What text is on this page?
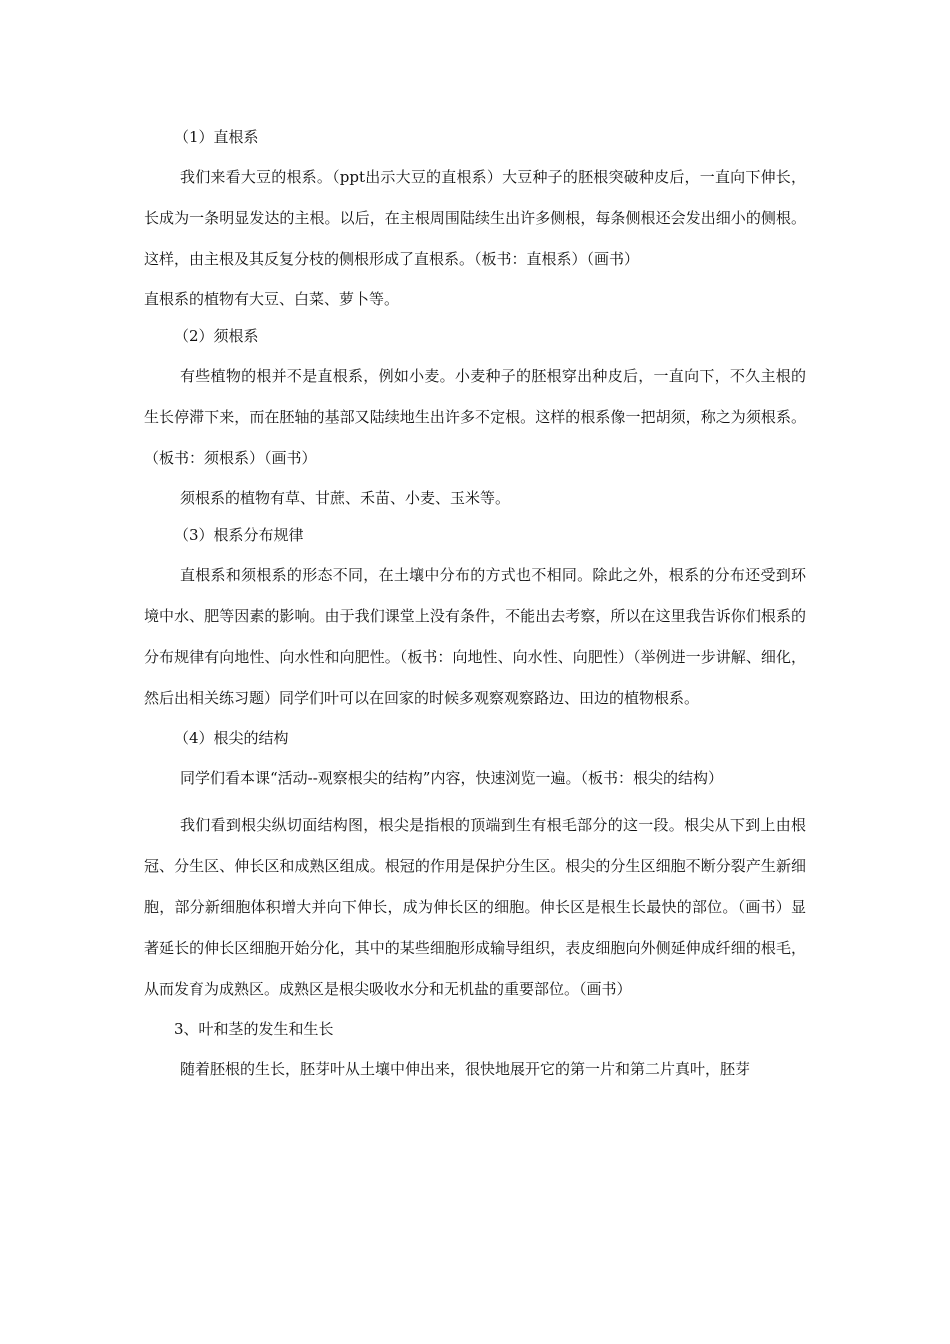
（1）直根系

我们来看大豆的根系。（ppt出示大豆的直根系）大豆种子的胚根突破种皮后，一直向下伸长，长成为一条明显发达的主根。以后，在主根周围陆续生出许多侧根，每条侧根还会发出细小的侧根。这样，由主根及其反复分枝的侧根形成了直根系。（板书：直根系）（画书）

直根系的植物有大豆、白菜、萝卜等。

（2）须根系

有些植物的根并不是直根系，例如小麦。小麦种子的胚根穿出种皮后，一直向下，不久主根的生长停滞下来，而在胚轴的基部又陆续地生出许多不定根。这样的根系像一把胡须，称之为须根系。（板书：须根系）（画书）

须根系的植物有草、甘蔗、禾苗、小麦、玉米等。

（3）根系分布规律

直根系和须根系的形态不同，在土壤中分布的方式也不相同。除此之外，根系的分布还受到环境中水、肥等因素的影响。由于我们课堂上没有条件，不能出去考察，所以在这里我告诉你们根系的分布规律有向地性、向水性和向肥性。（板书：向地性、向水性、向肥性）（举例进一步讲解、细化，然后出相关练习题）同学们叶可以在回家的时候多观察观察路边、田边的植物根系。

（4）根尖的结构

同学们看本课“活动--观察根尖的结构”内容，快速浏览一遍。（板书：根尖的结构）

我们看到根尖纵切面结构图，根尖是指根的顶端到生有根毛部分的这一段。根尖从下到上由根冠、分生区、伸长区和成熟区组成。根冠的作用是保护分生区。根尖的分生区细胞不断分裂产生新细胞，部分新细胞体积增大并向下伸长，成为伸长区的细胞。伸长区是根生长最快的部位。（画书）显著延长的伸长区细胞开始分化，其中的某些细胞形成输导组织，表皮细胞向外侧延伸成纤细的根毛，从而发育为成熟区。成熟区是根尖吸收水分和无机盐的重要部位。（画书）

3、叶和茎的发生和生长

随着胚根的生长，胚芽叶从土壤中伸出来，很快地展开它的第一片和第二片真叶，胚芽
